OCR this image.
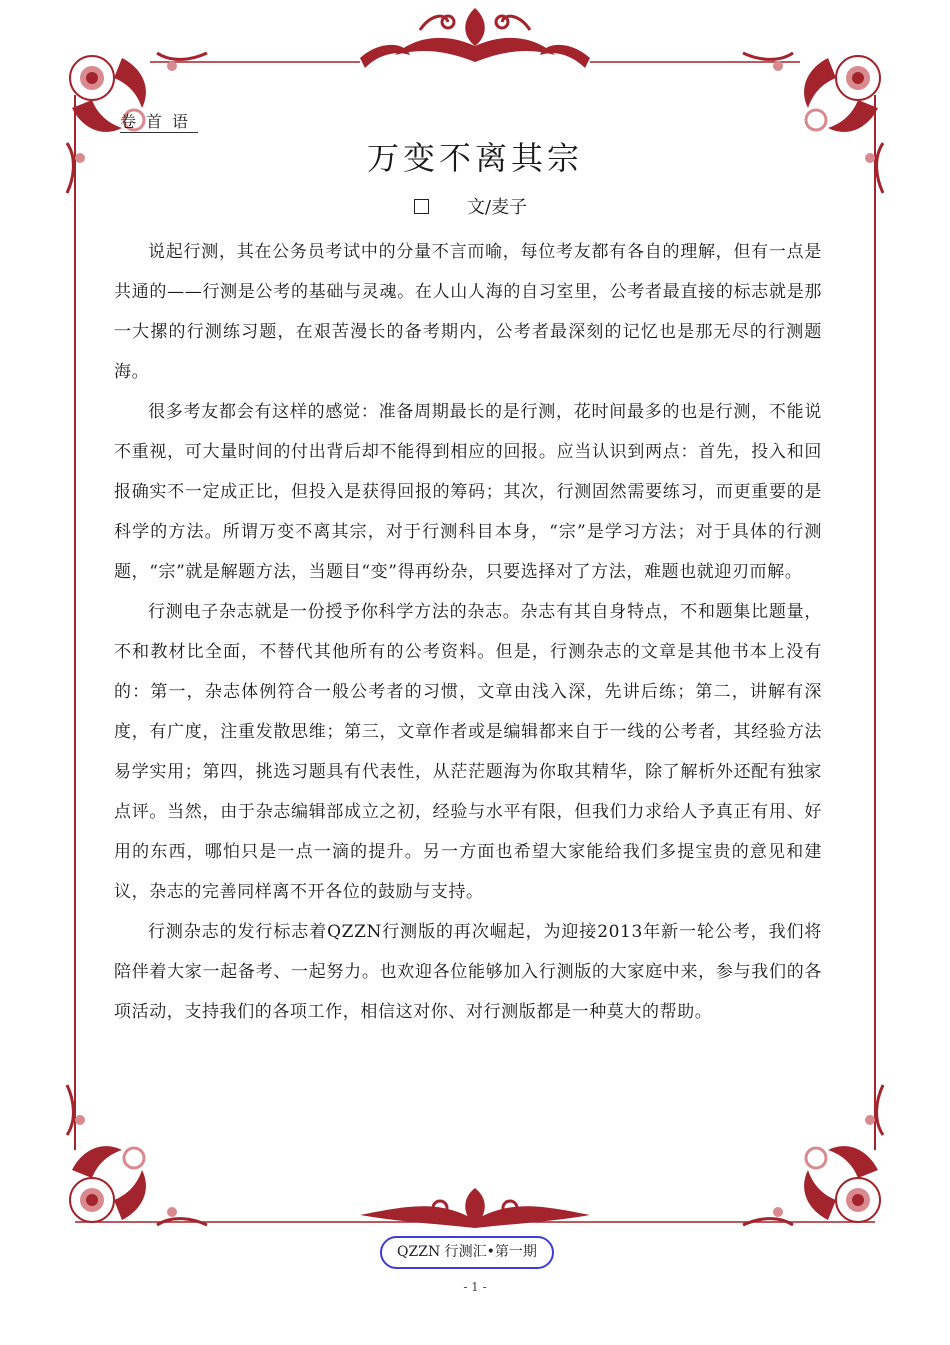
卷首语
万变不离其宗
文/麦子

说起行测，其在公务员考试中的分量不言而喻，每位考友都有各自的理解，但有一点是共通的——行测是公考的基础与灵魂。在人山人海的自习室里，公考者最直接的标志就是那一大摞的行测练习题，在艰苦漫长的备考期内，公考者最深刻的记忆也是那无尽的行测题海。

很多考友都会有这样的感觉：准备周期最长的是行测，花时间最多的也是行测，不能说不重视，可大量时间的付出背后却不能得到相应的回报。应当认识到两点：首先，投入和回报确实不一定成正比，但投入是获得回报的筹码；其次，行测固然需要练习，而更重要的是科学的方法。所谓万变不离其宗，对于行测科目本身，“宗”是学习方法；对于具体的行测题，“宗”就是解题方法，当题目“变”得再纷杂，只要选择对了方法，难题也就迎刃而解。

行测电子杂志就是一份授予你科学方法的杂志。杂志有其自身特点，不和题集比题量，不和教材比全面，不替代其他所有的公考资料。但是，行测杂志的文章是其他书本上没有的：第一，杂志体例符合一般公考者的习惯，文章由浅入深，先讲后练；第二，讲解有深度，有广度，注重发散思维；第三，文章作者或是编辑都来自于一线的公考者，其经验方法易学实用；第四，挑选习题具有代表性，从茫茫题海为你取其精华，除了解析外还配有独家点评。当然，由于杂志编辑部成立之初，经验与水平有限，但我们力求给人予真正有用、好用的东西，哪怕只是一点一滴的提升。另一方面也希望大家能给我们多提宝贵的意见和建议，杂志的完善同样离不开各位的鼓励与支持。

行测杂志的发行标志着QZZN行测版的再次崛起，为迎接2013年新一轮公考，我们将陪伴着大家一起备考、一起努力。也欢迎各位能够加入行测版的大家庭中来，参与我们的各项活动，支持我们的各项工作，相信这对你、对行测版都是一种莫大的帮助。

QZZN 行测汇•第一期
- 1 -
